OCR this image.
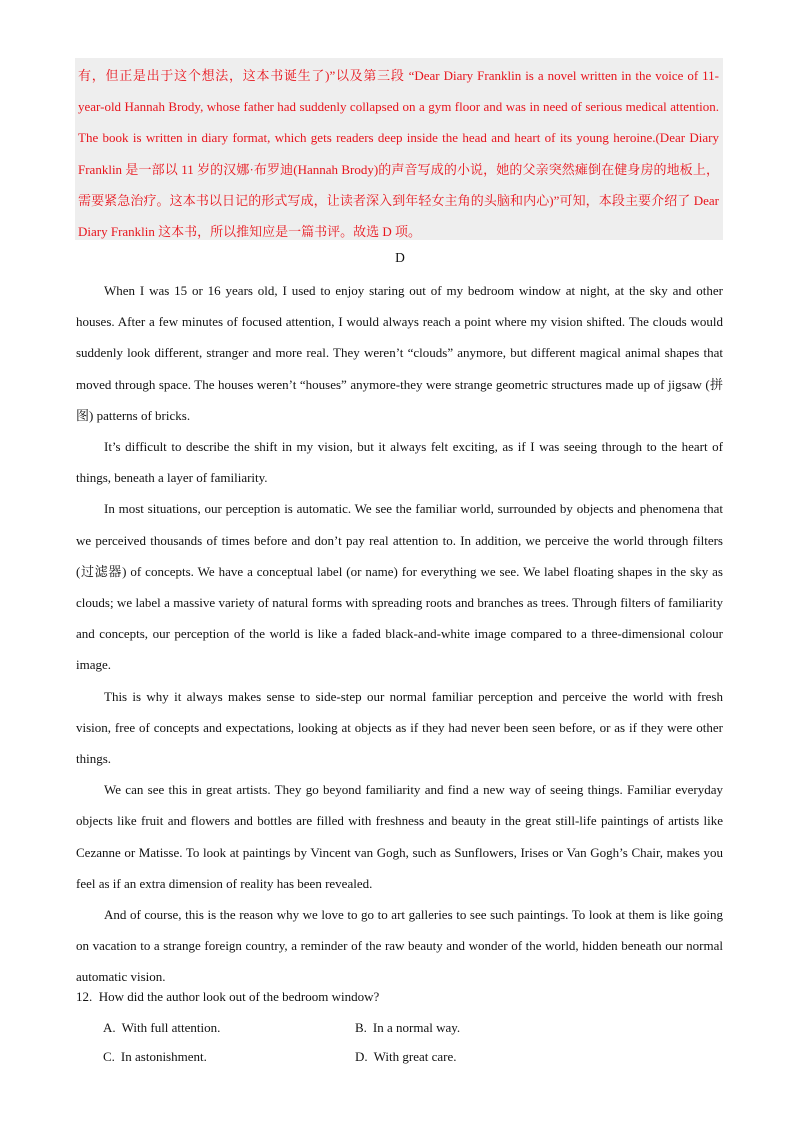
有，但正是出于这个想法，这本书诞生了)”以及第三段 “Dear Diary Franklin is a novel written in the voice of 11-year-old Hannah Brody, whose father had suddenly collapsed on a gym floor and was in need of serious medical attention. The book is written in diary format, which gets readers deep inside the head and heart of its young heroine.(Dear Diary Franklin 是一部以 11 岁的汉娜·布罗迪(Hannah Brody)的声音写成的小说，她的父亲突然瘫倒在健身房的地板上，需要紧急治疗。这本书以日记的形式写成，让读者深入到年轻女主角的头脑和内心)”可知，本段主要介绍了 Dear Diary Franklin 这本书，所以推知应是一篇书评。故选 D 项。

D

When I was 15 or 16 years old, I used to enjoy staring out of my bedroom window at night, at the sky and other houses. After a few minutes of focused attention, I would always reach a point where my vision shifted. The clouds would suddenly look different, stranger and more real. They weren’t “clouds” anymore, but different magical animal shapes that moved through space. The houses weren’t “houses” anymore-they were strange geometric structures made up of jigsaw (拼图) patterns of bricks.

It’s difficult to describe the shift in my vision, but it always felt exciting, as if I was seeing through to the heart of things, beneath a layer of familiarity.

In most situations, our perception is automatic. We see the familiar world, surrounded by objects and phenomena that we perceived thousands of times before and don’t pay real attention to. In addition, we perceive the world through filters (过滤器) of concepts. We have a conceptual label (or name) for everything we see. We label floating shapes in the sky as clouds; we label a massive variety of natural forms with spreading roots and branches as trees. Through filters of familiarity and concepts, our perception of the world is like a faded black-and-white image compared to a three-dimensional colour image.

This is why it always makes sense to side-step our normal familiar perception and perceive the world with fresh vision, free of concepts and expectations, looking at objects as if they had never been seen before, or as if they were other things.

We can see this in great artists. They go beyond familiarity and find a new way of seeing things. Familiar everyday objects like fruit and flowers and bottles are filled with freshness and beauty in the great still-life paintings of artists like Cezanne or Matisse. To look at paintings by Vincent van Gogh, such as Sunflowers, Irises or Van Gogh’s Chair, makes you feel as if an extra dimension of reality has been revealed.

And of course, this is the reason why we love to go to art galleries to see such paintings. To look at them is like going on vacation to a strange foreign country, a reminder of the raw beauty and wonder of the world, hidden beneath our normal automatic vision.

12. How did the author look out of the bedroom window?
A. With full attention.	B. In a normal way.
C. In astonishment.	D. With great care.
